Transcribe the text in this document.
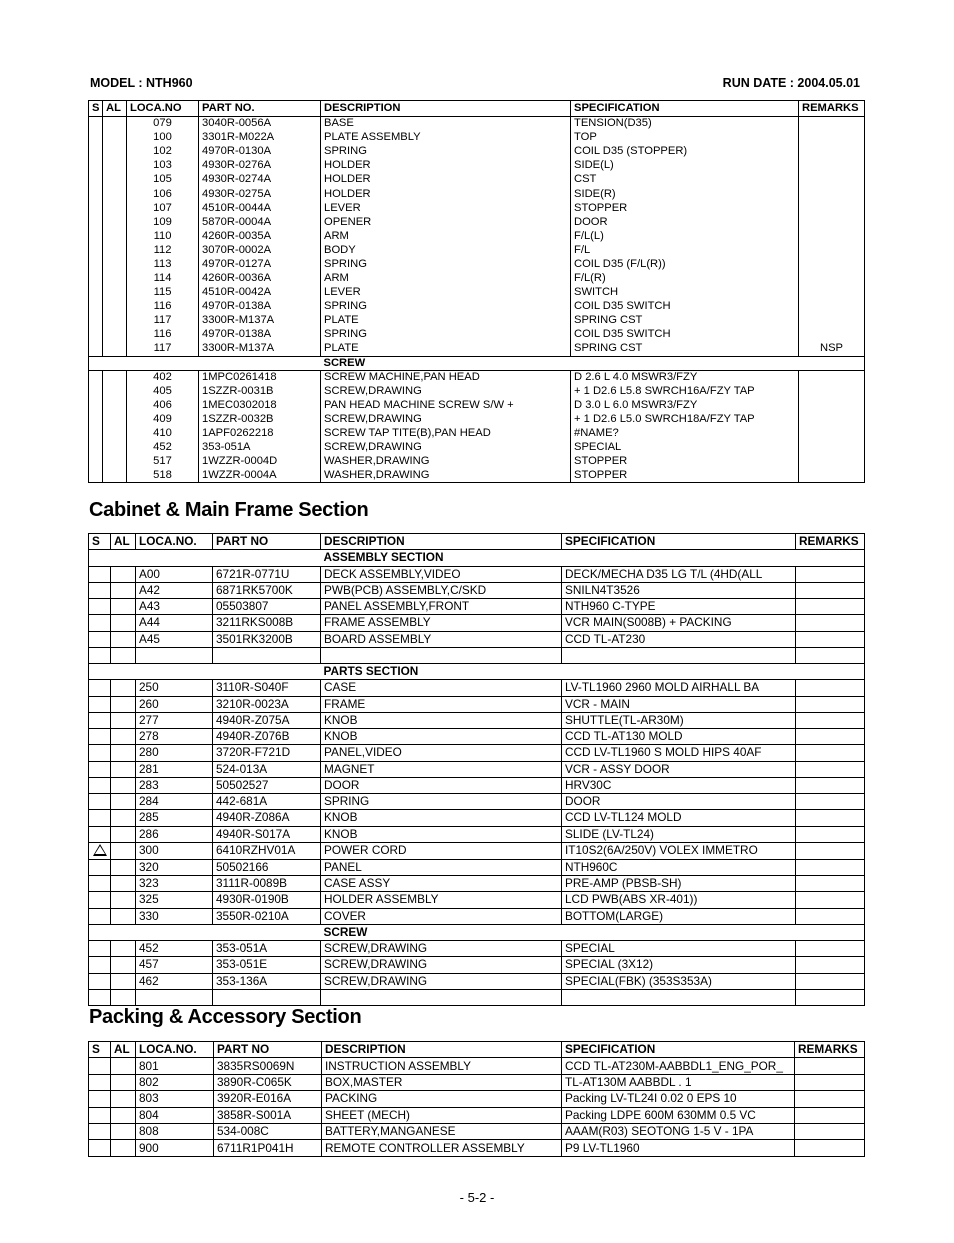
MODEL : NTH960	RUN DATE : 2004.05.01
S	AL	LOCA.NO	PART NO.	DESCRIPTION	SPECIFICATION	REMARKS
		079	3040R-0056A	BASE	TENSION(D35)	
		100	3301R-M022A	PLATE ASSEMBLY	TOP	
		102	4970R-0130A	SPRING	COIL D35 (STOPPER)	
		103	4930R-0276A	HOLDER	SIDE(L)	
		105	4930R-0274A	HOLDER	CST	
		106	4930R-0275A	HOLDER	SIDE(R)	
		107	4510R-0044A	LEVER	STOPPER	
		109	5870R-0004A	OPENER	DOOR	
		110	4260R-0035A	ARM	F/L(L)	
		112	3070R-0002A	BODY	F/L	
		113	4970R-0127A	SPRING	COIL D35 (F/L(R))	
		114	4260R-0036A	ARM	F/L(R)	
		115	4510R-0042A	LEVER	SWITCH	
		116	4970R-0138A	SPRING	COIL D35 SWITCH	
		117	3300R-M137A	PLATE	SPRING CST	
		116	4970R-0138A	SPRING	COIL D35 SWITCH	
		117	3300R-M137A	PLATE	SPRING CST	NSP
				SCREW		
		402	1MPC0261418	SCREW MACHINE,PAN HEAD	D 2.6 L 4.0 MSWR3/FZY	
		405	1SZZR-0031B	SCREW,DRAWING	+ 1 D2.6 L5.8 SWRCH16A/FZY TAP	
		406	1MEC0302018	PAN HEAD MACHINE SCREW S/W +	D 3.0 L 6.0 MSWR3/FZY	
		409	1SZZR-0032B	SCREW,DRAWING	+ 1 D2.6 L5.0 SWRCH18A/FZY TAP	
		410	1APF0262218	SCREW TAP TITE(B),PAN HEAD	#NAME?	
		452	353-051A	SCREW,DRAWING	SPECIAL	
		517	1WZZR-0004D	WASHER,DRAWING	STOPPER	
		518	1WZZR-0004A	WASHER,DRAWING	STOPPER	
Cabinet & Main Frame Section
S	AL	LOCA.NO.	PART NO	DESCRIPTION	SPECIFICATION	REMARKS
				ASSEMBLY SECTION		
		A00	6721R-0771U	DECK ASSEMBLY,VIDEO	DECK/MECHA D35 LG T/L (4HD(ALL	
		A42	6871RK5700K	PWB(PCB) ASSEMBLY,C/SKD	SNILN4T3526	
		A43	05503807	PANEL ASSEMBLY,FRONT	NTH960 C-TYPE	
		A44	3211RKS008B	FRAME ASSEMBLY	VCR MAIN(S008B) + PACKING	
		A45	3501RK3200B	BOARD ASSEMBLY	CCD TL-AT230	

				PARTS SECTION		
		250	3110R-S040F	CASE	LV-TL1960 2960 MOLD AIRHALL BA	
		260	3210R-0023A	FRAME	VCR - MAIN	
		277	4940R-Z075A	KNOB	SHUTTLE(TL-AR30M)	
		278	4940R-Z076B	KNOB	CCD TL-AT130 MOLD	
		280	3720R-F721D	PANEL,VIDEO	CCD LV-TL1960 S MOLD HIPS 40AF	
		281	524-013A	MAGNET	VCR - ASSY DOOR	
		283	50502527	DOOR	HRV30C	
		284	442-681A	SPRING	DOOR	
		285	4940R-Z086A	KNOB	CCD LV-TL124 MOLD	
		286	4940R-S017A	KNOB	SLIDE (LV-TL24)	
		300	6410RZHV01A	POWER CORD	IT10S2(6A/250V) VOLEX IMMETRO	
		320	50502166	PANEL	NTH960C	
		323	3111R-0089B	CASE ASSY	PRE-AMP (PBSB-SH)	
		325	4930R-0190B	HOLDER ASSEMBLY	LCD PWB(ABS XR-401))	
		330	3550R-0210A	COVER	BOTTOM(LARGE)	
				SCREW		
		452	353-051A	SCREW,DRAWING	SPECIAL	
		457	353-051E	SCREW,DRAWING	SPECIAL (3X12)	
		462	353-136A	SCREW,DRAWING	SPECIAL(FBK) (353S353A)	

Packing & Accessory Section
S	AL	LOCA.NO.	PART NO	DESCRIPTION	SPECIFICATION	REMARKS
		801	3835RS0069N	INSTRUCTION ASSEMBLY	CCD TL-AT230M-AABBDL1_ENG_POR_	
		802	3890R-C065K	BOX,MASTER	TL-AT130M AABBDL . 1	
		803	3920R-E016A	PACKING	Packing LV-TL24I 0.02 0 EPS 10	
		804	3858R-S001A	SHEET (MECH)	Packing LDPE 600M 630MM 0.5 VC	
		808	534-008C	BATTERY,MANGANESE	AAAM(R03) SEOTONG 1-5 V - 1PA	
		900	6711R1P041H	REMOTE CONTROLLER ASSEMBLY	P9 LV-TL1960	
- 5-2 -
